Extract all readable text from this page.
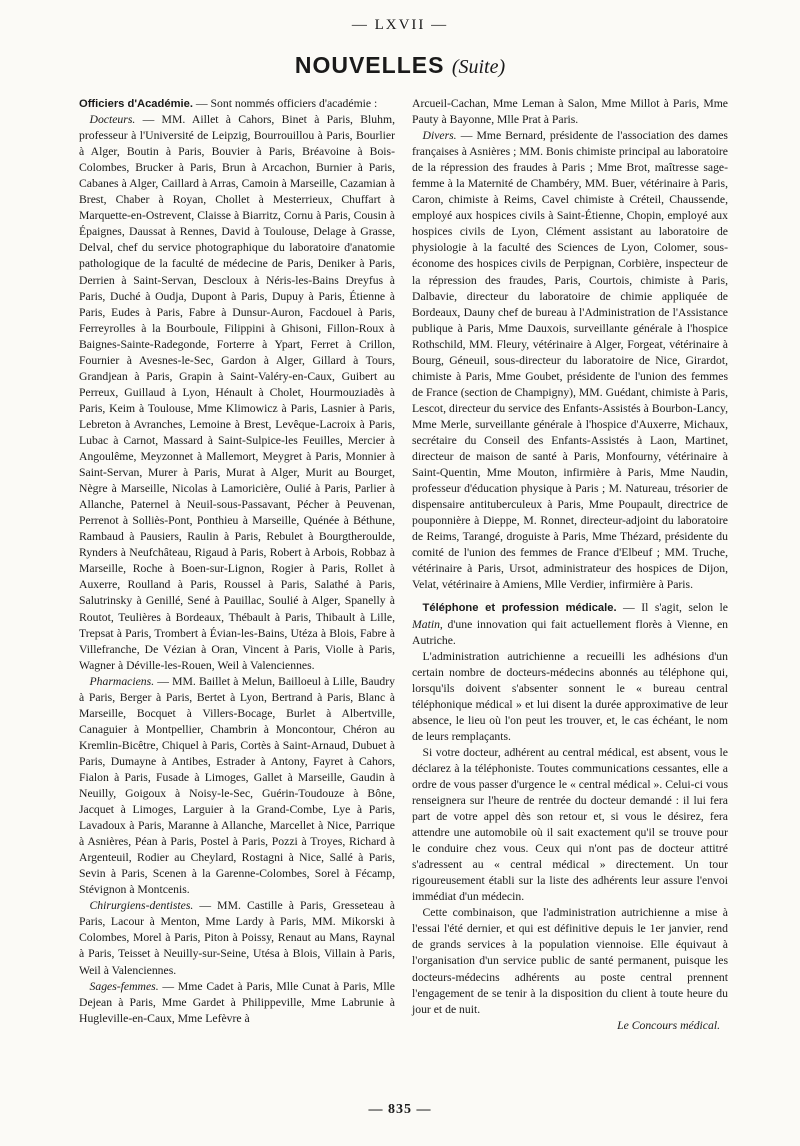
— LXVII —
NOUVELLES (Suite)

Officiers d'Académie. — Sont nommés officiers d'académie :

Docteurs. — MM. Aillet à Cahors, Binet à Paris, Bluhm, professeur à l'Université de Leipzig, Bourrouillou à Paris, Bourlier à Alger, Boutin à Paris, Bouvier à Paris, Bréavoine à Bois-Colombes, Brucker à Paris, Brun à Arcachon, Burnier à Paris, Cabanes à Alger, Caillard à Arras, Camoin à Marseille, Cazamian à Brest, Chaber à Royan, Chollet à Mesterrieux, Chuffart à Marquette-en-Ostrevent, Claisse à Biarritz, Cornu à Paris, Cousin à Épaignes, Daussat à Rennes, David à Toulouse, Delage à Grasse, Delval, chef du service photographique du laboratoire d'anatomie pathologique de la faculté de médecine de Paris, Deniker à Paris, Derrien à Saint-Servan, Descloux à Néris-les-Bains Dreyfus à Paris, Duché à Oudja, Dupont à Paris, Dupuy à Paris, Étienne à Paris, Eudes à Paris, Fabre à Dunsur-Auron, Facdouel à Paris, Ferreyrolles à la Bourboule, Filippini à Ghisoni, Fillon-Roux à Baignes-Sainte-Radegonde, Forterre à Ypart, Ferret à Crillon, Fournier à Avesnes-le-Sec, Gardon à Alger, Gillard à Tours, Grandjean à Paris, Grapin à Saint-Valéry-en-Caux, Guibert au Perreux, Guillaud à Lyon, Hénault à Cholet, Hourmouziadès à Paris, Keim à Toulouse, Mme Klimowicz à Paris, Lasnier à Paris, Lebreton à Avranches, Lemoine à Brest, Levêque-Lacroix à Paris, Lubac à Carnot, Massard à Saint-Sulpice-les Feuilles, Mercier à Angoulême, Meyzonnet à Mallemort, Meygret à Paris, Monnier à Saint-Servan, Murer à Paris, Murat à Alger, Murit au Bourget, Nègre à Marseille, Nicolas à Lamoricière, Oulié à Paris, Parlier à Allanche, Paternel à Neuil-sous-Passavant, Pécher à Peuvenan, Perrenot à Solliès-Pont, Ponthieu à Marseille, Quénée à Béthune, Rambaud à Pausiers, Raulin à Paris, Rebulet à Bourgtheroulde, Rynders à Neufchâteau, Rigaud à Paris, Robert à Arbois, Robbaz à Marseille, Roche à Boen-sur-Lignon, Rogier à Paris, Rollet à Auxerre, Roulland à Paris, Roussel à Paris, Salathé à Paris, Salutrinsky à Genillé, Sené à Pauillac, Soulié à Alger, Spanelly à Routot, Teulières à Bordeaux, Thébault à Paris, Thibault à Lille, Trepsat à Paris, Trombert à Évian-les-Bains, Utéza à Blois, Fabre à Villefranche, De Vézian à Oran, Vincent à Paris, Violle à Paris, Wagner à Déville-les-Rouen, Weil à Valenciennes.

Pharmaciens. — MM. Baillet à Melun, Bailloeul à Lille, Baudry à Paris, Berger à Paris, Bertet à Lyon, Bertrand à Paris, Blanc à Marseille, Bocquet à Villers-Bocage, Burlet à Albertville, Canaguier à Montpellier, Chambrin à Moncontour, Chéron au Kremlin-Bicêtre, Chiquel à Paris, Cortès à Saint-Arnaud, Dubuet à Paris, Dumayne à Antibes, Estrader à Antony, Fayret à Cahors, Fialon à Paris, Fusade à Limoges, Gallet à Marseille, Gaudin à Neuilly, Goigoux à Noisy-le-Sec, Guérin-Toudouze à Bône, Jacquet à Limoges, Larguier à la Grand-Combe, Lye à Paris, Lavadoux à Paris, Maranne à Allanche, Marcellet à Nice, Parrique à Asnières, Péan à Paris, Postel à Paris, Pozzi à Troyes, Richard à Argenteuil, Rodier au Cheylard, Rostagni à Nice, Sallé à Paris, Sevin à Paris, Scenen à la Garenne-Colombes, Sorel à Fécamp, Stévignon à Montcenis.

Chirurgiens-dentistes. — MM. Castille à Paris, Gresseteau à Paris, Lacour à Menton, Mme Lardy à Paris, MM. Mikorski à Colombes, Morel à Paris, Piton à Poissy, Renaut au Mans, Raynal à Paris, Teisset à Neuilly-sur-Seine, Utésa à Blois, Villain à Paris, Weil à Valenciennes.

Sages-femmes. — Mme Cadet à Paris, Mlle Cunat à Paris, Mlle Dejean à Paris, Mme Gardet à Philippeville, Mme Labrunie à Hugleville-en-Caux, Mme Lefèvre à

Arcueil-Cachan, Mme Leman à Salon, Mme Millot à Paris, Mme Pauty à Bayonne, Mlle Prat à Paris.

Divers. — Mme Bernard, présidente de l'association des dames françaises à Asnières ; MM. Bonis chimiste principal au laboratoire de la répression des fraudes à Paris ; Mme Brot, maîtresse sage-femme à la Maternité de Chambéry, MM. Buer, vétérinaire à Paris, Caron, chimiste à Reims, Cavel chimiste à Créteil, Chaussende, employé aux hospices civils à Saint-Étienne, Chopin, employé aux hospices civils de Lyon, Clément assistant au laboratoire de physiologie à la faculté des Sciences de Lyon, Colomer, sous-économe des hospices civils de Perpignan, Corbière, inspecteur de la répression des fraudes, Paris, Courtois, chimiste à Paris, Dalbavie, directeur du laboratoire de chimie appliquée de Bordeaux, Dauny chef de bureau à l'Administration de l'Assistance publique à Paris, Mme Dauxois, surveillante générale à l'hospice Rothschild, MM. Fleury, vétérinaire à Alger, Forgeat, vétérinaire à Bourg, Géneuil, sous-directeur du laboratoire de Nice, Girardot, chimiste à Paris, Mme Goubet, présidente de l'union des femmes de France (section de Champigny), MM. Guédant, chimiste à Paris, Lescot, directeur du service des Enfants-Assistés à Bourbon-Lancy, Mme Merle, surveillante générale à l'hospice d'Auxerre, Michaux, secrétaire du Conseil des Enfants-Assistés à Laon, Martinet, directeur de maison de santé à Paris, Monfourny, vétérinaire à Saint-Quentin, Mme Mouton, infirmière à Paris, Mme Naudin, professeur d'éducation physique à Paris ; M. Natureau, trésorier de dispensaire antituberculeux à Paris, Mme Poupault, directrice de pouponnière à Dieppe, M. Ronnet, directeur-adjoint du laboratoire de Reims, Tarangé, droguiste à Paris, Mme Thézard, présidente du comité de l'union des femmes de France d'Elbeuf ; MM. Truche, vétérinaire à Paris, Ursot, administrateur des hospices de Dijon, Velat, vétérinaire à Amiens, Mlle Verdier, infirmière à Paris.

Téléphone et profession médicale. — Il s'agit, selon le Matin, d'une innovation qui fait actuellement florès à Vienne, en Autriche.

L'administration autrichienne a recueilli les adhésions d'un certain nombre de docteurs-médecins abonnés au téléphone qui, lorsqu'ils doivent s'absenter sonnent le « bureau central téléphonique médical » et lui disent la durée approximative de leur absence, le lieu où l'on peut les trouver, et, le cas échéant, le nom de leurs remplaçants.

Si votre docteur, adhérent au central médical, est absent, vous le déclarez à la téléphoniste. Toutes communications cessantes, elle a ordre de vous passer d'urgence le « central médical ». Celui-ci vous renseignera sur l'heure de rentrée du docteur demandé : il lui fera part de votre appel dès son retour et, si vous le désirez, fera attendre une automobile où il sait exactement qu'il se trouve pour le conduire chez vous. Ceux qui n'ont pas de docteur attitré s'adressent au « central médical » directement. Un tour rigoureusement établi sur la liste des adhérents leur assure l'envoi immédiat d'un médecin.

Cette combinaison, que l'administration autrichienne a mise à l'essai l'été dernier, et qui est définitive depuis le 1er janvier, rend de grands services à la population viennoise. Elle équivaut à l'organisation d'un service public de santé permanent, puisque les docteurs-médecins adhérents au poste central prennent l'engagement de se tenir à la disposition du client à toute heure du jour et de nuit.

Le Concours médical.

— 835 —
